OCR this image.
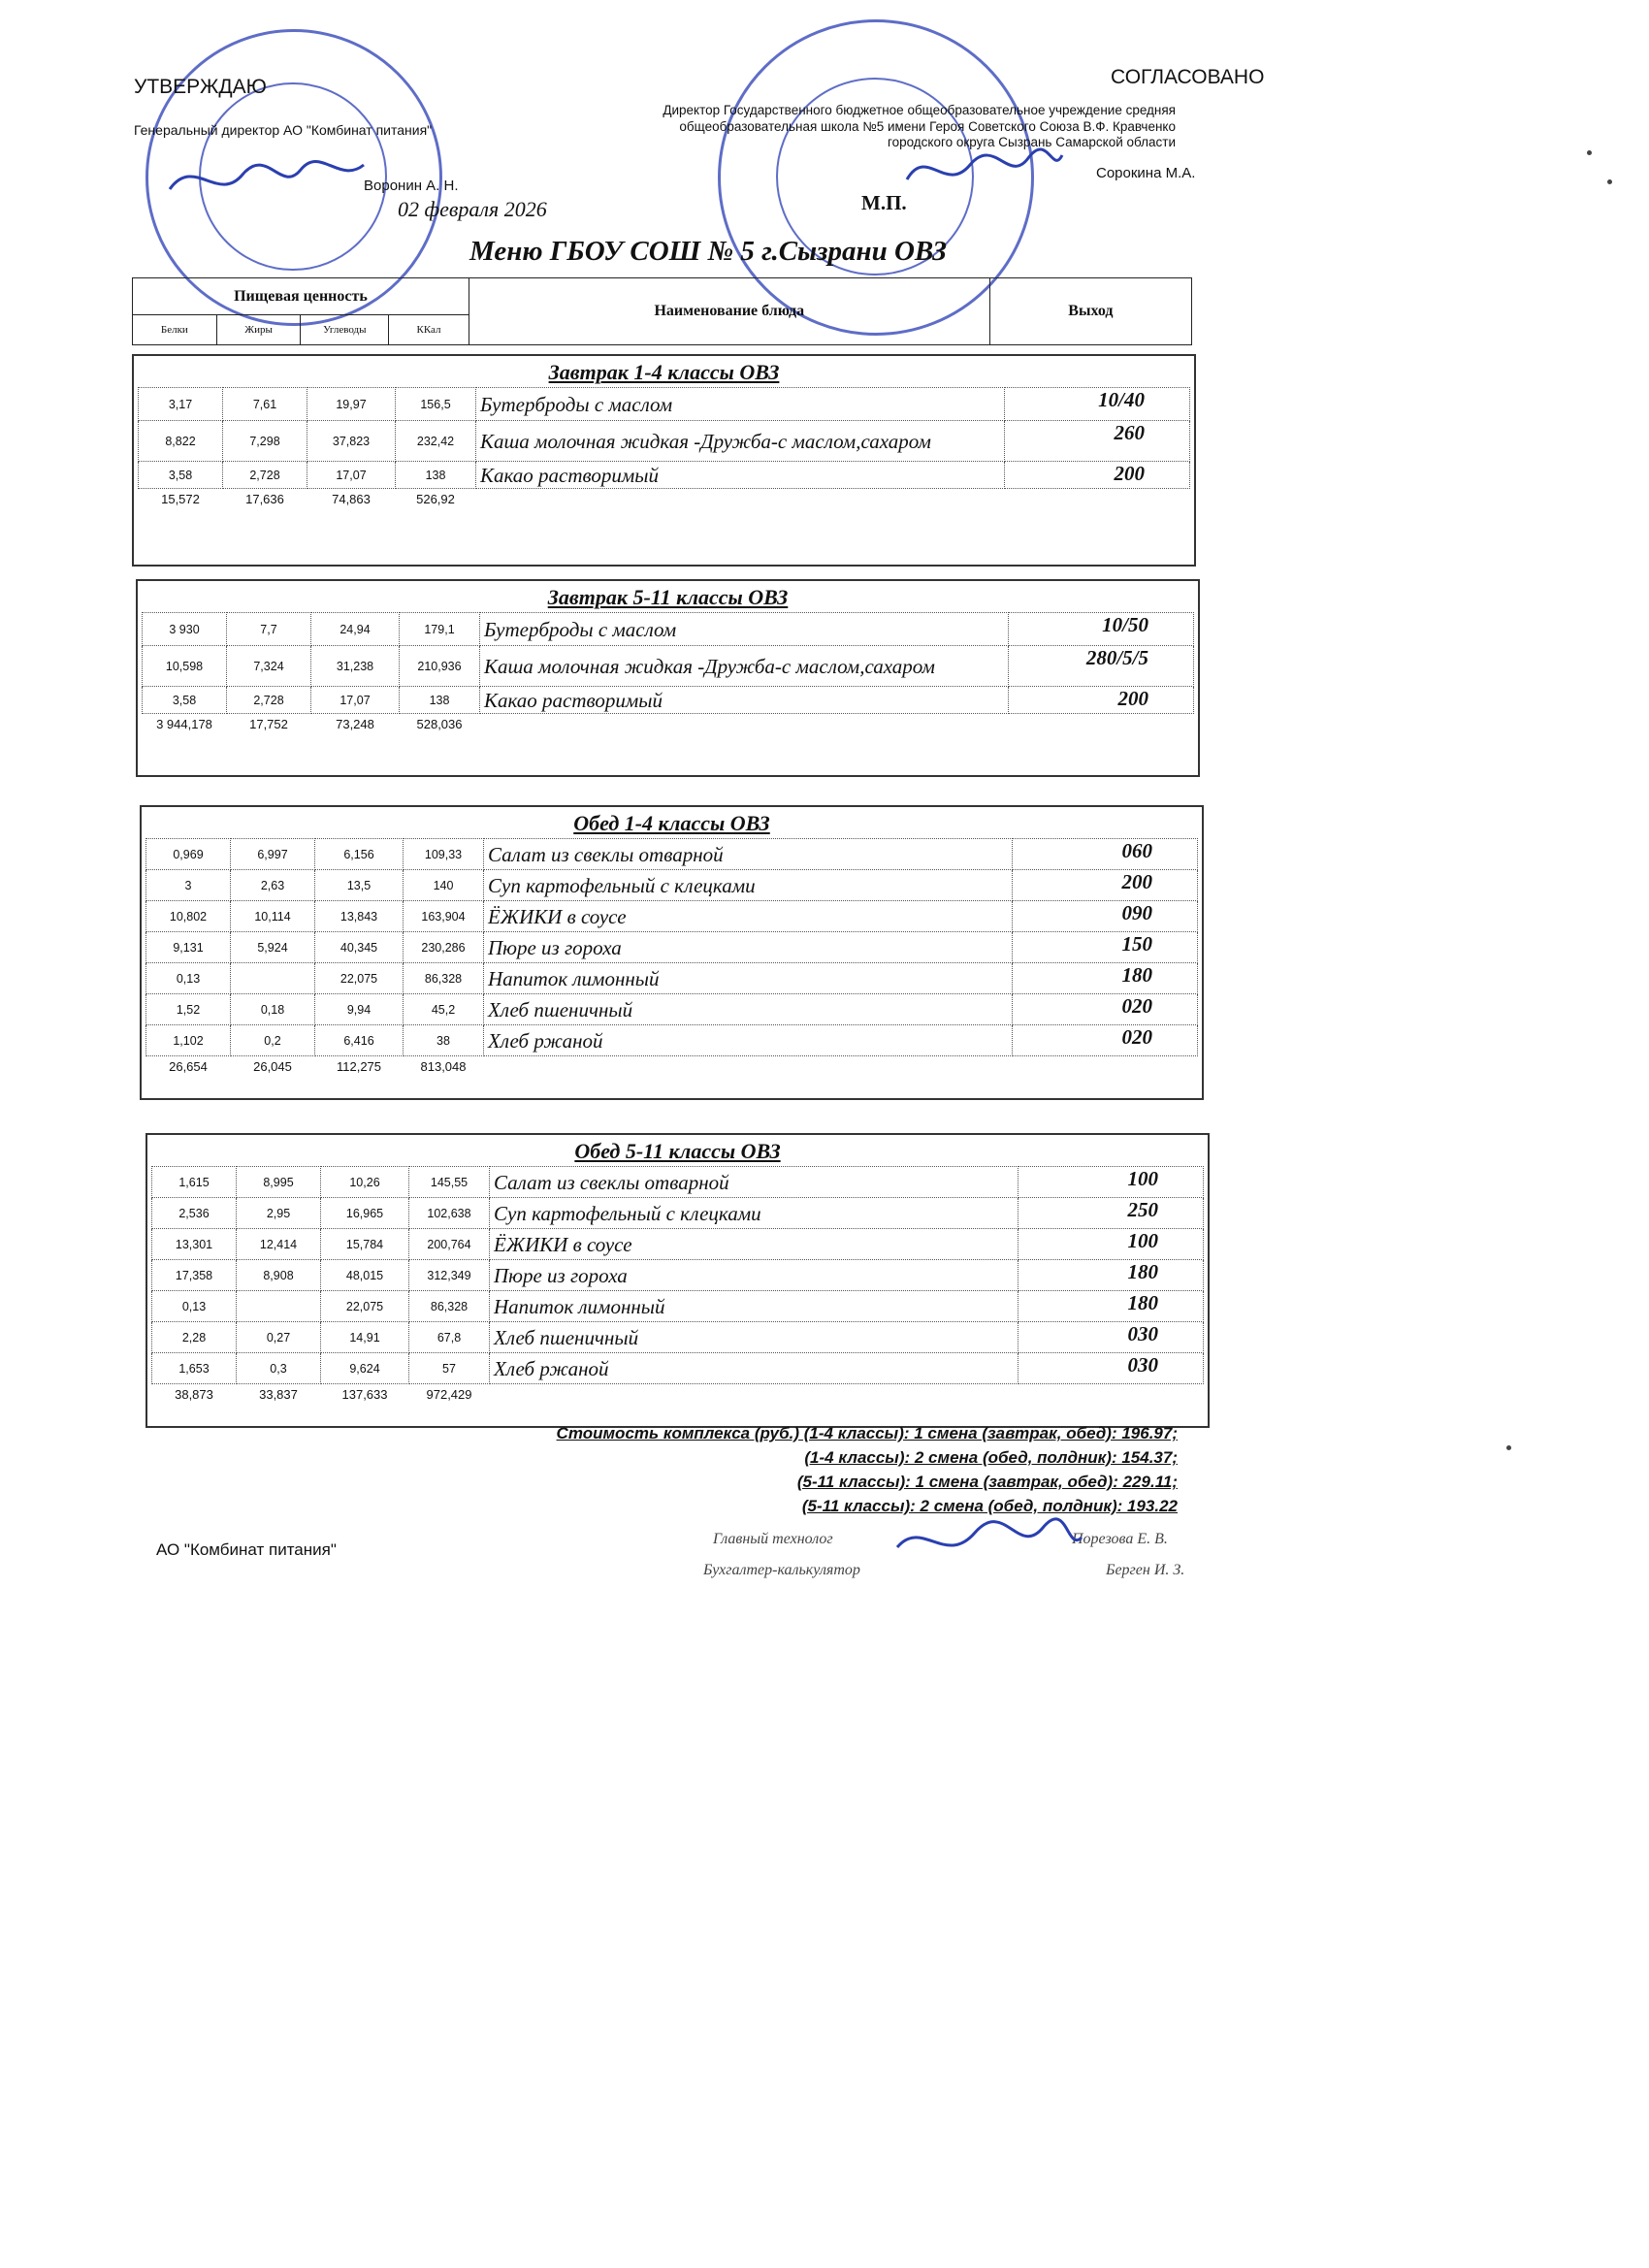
УТВЕРЖДАЮ
Генеральный директор АО "Комбинат питания"
Воронин А. Н.
02 февраля 2026
СОГЛАСОВАНО
Директор Государственного бюджетное общеобразовательное учреждение средняя
общеобразовательная школа №5 имени Героя Советского Союза В.Ф. Кравченко
городского округа Сызрань Самарской области
Сорокина М.А.
М.П.
Меню ГБОУ СОШ № 5 г.Сызрани ОВЗ
Пищевая ценность				Наименование блюда	Выход
Белки	Жиры	Углеводы	ККал		
Завтрак 1-4 классы ОВЗ
3,17	7,61	19,97	156,5	Бутерброды с маслом	10/40
8,822	7,298	37,823	232,42	Каша молочная жидкая -Дружба-с маслом,сахаром	260
3,58	2,728	17,07	138	Какао растворимый	200
15,572	17,636	74,863	526,92		
Завтрак 5-11 классы ОВЗ
3 930	7,7	24,94	179,1	Бутерброды с маслом	10/50
10,598	7,324	31,238	210,936	Каша молочная жидкая -Дружба-с маслом,сахаром	280/5/5
3,58	2,728	17,07	138	Какао растворимый	200
3 944,178	17,752	73,248	528,036		
Обед 1-4 классы ОВЗ
0,969	6,997	6,156	109,33	Салат из свеклы отварной	060
3	2,63	13,5	140	Суп картофельный с клецками	200
10,802	10,114	13,843	163,904	ЁЖИКИ в соусе	090
9,131	5,924	40,345	230,286	Пюре из гороха	150
0,13		22,075	86,328	Напиток лимонный	180
1,52	0,18	9,94	45,2	Хлеб пшеничный	020
1,102	0,2	6,416	38	Хлеб ржаной	020
26,654	26,045	112,275	813,048		
Обед 5-11 классы ОВЗ
1,615	8,995	10,26	145,55	Салат из свеклы отварной	100
2,536	2,95	16,965	102,638	Суп картофельный с клецками	250
13,301	12,414	15,784	200,764	ЁЖИКИ в соусе	100
17,358	8,908	48,015	312,349	Пюре из гороха	180
0,13		22,075	86,328	Напиток лимонный	180
2,28	0,27	14,91	67,8	Хлеб пшеничный	030
1,653	0,3	9,624	57	Хлеб ржаной	030
38,873	33,837	137,633	972,429		
Стоимость комплекса (руб.) (1-4 классы): 1 смена (завтрак, обед): 196.97;
(1-4 классы): 2 смена (обед, полдник): 154.37;
(5-11 классы): 1 смена (завтрак, обед): 229.11;
(5-11 классы): 2 смена (обед, полдник): 193.22
АО "Комбинат питания"
Главный технолог	Порезова Е. В.
Бухгалтер-калькулятор	Берген И. З.
